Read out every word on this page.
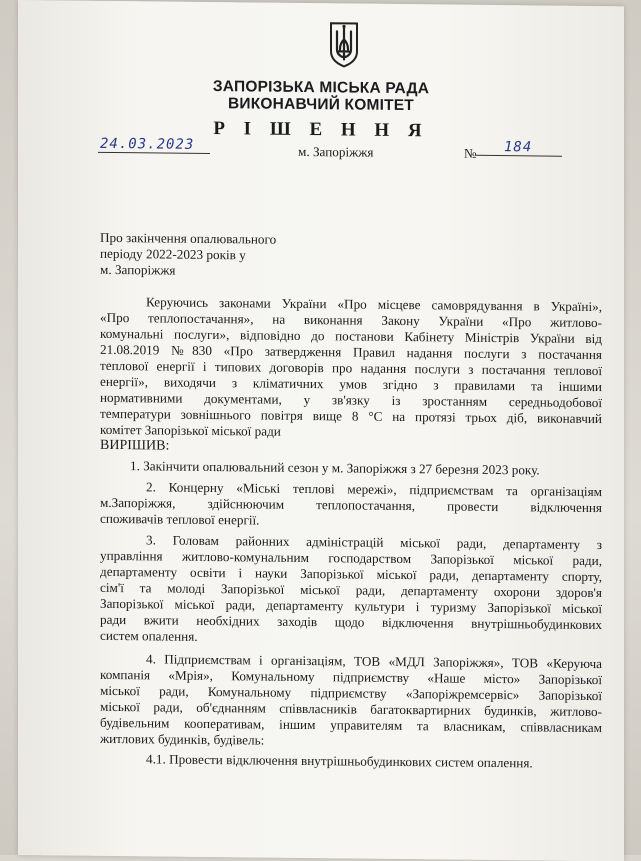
ЗАПОРІЗЬКА МІСЬКА РАДА
ВИКОНАВЧИЙ КОМІТЕТ
Р І Ш Е Н Н Я
24.03.2023	м. Запоріжжя	№ 184
Про закінчення опалювального
періоду 2022-2023 років у
м. Запоріжжя
Керуючись законами України «Про місцеве самоврядування в Україні»,
«Про теплопостачання», на виконання Закону України «Про житлово-
комунальні послуги», відповідно до постанови Кабінету Міністрів України від
21.08.2019 №830 «Про затвердження Правил надання послуги з постачання
теплової енергії і типових договорів про надання послуги з постачання теплової
енергії», виходячи з кліматичних умов згідно з правилами та іншими
нормативними документами, у зв'язку із зростанням середньодобової
температури зовнішнього повітря вище 8 °С на протязі трьох діб, виконавчий
комітет Запорізької міської ради
ВИРІШИВ:
1. Закінчити опалювальний сезон у м. Запоріжжя з 27 березня 2023 року.
2. Концерну «Міські теплові мережі», підприємствам та організаціям
м.Запоріжжя, здійснюючим теплопостачання, провести відключення
споживачів теплової енергії.
3. Головам районних адміністрацій міської ради, департаменту з
управління житлово-комунальним господарством Запорізької міської ради,
департаменту освіти і науки Запорізької міської ради, департаменту спорту,
сім'ї та молоді Запорізької міської ради, департаменту охорони здоров'я
Запорізької міської ради, департаменту культури і туризму Запорізької міської
ради вжити необхідних заходів щодо відключення внутрішньобудинкових
систем опалення.
4. Підприємствам і організаціям, ТОВ «МДЛ Запоріжжя», ТОВ «Керуюча
компанія «Мрія», Комунальному підприємству «Наше місто» Запорізької
міської ради, Комунальному підприємству «Запоріжремсервіс» Запорізької
міської ради, об'єднанням співвласників багатоквартирних будинків, житлово-
будівельним кооперативам, іншим управителям та власникам, співвласникам
житлових будинків, будівель:
4.1. Провести відключення внутрішньобудинкових систем опалення.
